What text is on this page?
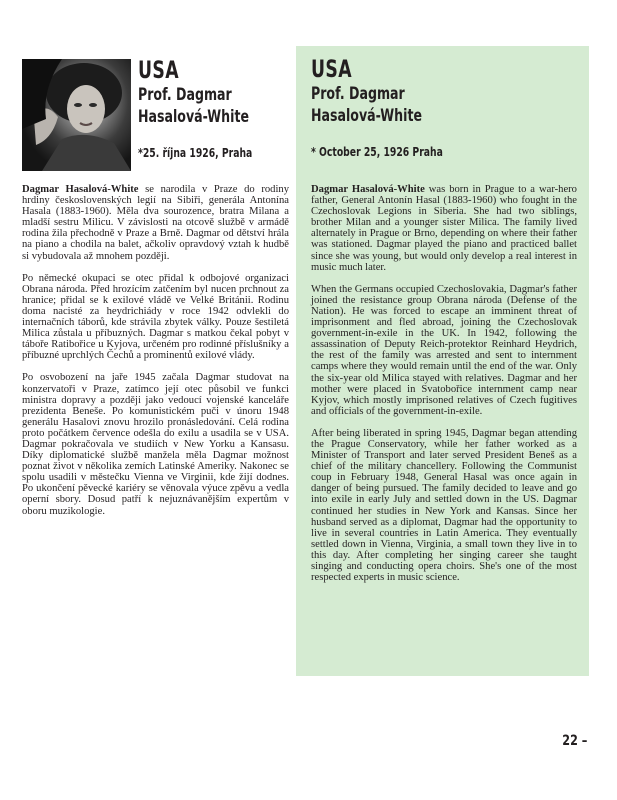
USA
Prof. Dagmar
Hasalová-White
*25. října 1926, Praha

Dagmar Hasalová-White se narodila v Praze do rodiny hrdiny československých legií na Sibiři, generála Antonína Hasala (1883-1960). Měla dva sourozence, bratra Milana a mladší sestru Milicu. V závislosti na otcově službě v armádě rodina žila přechodně v Praze a Brně. Dagmar od dětství hrála na piano a chodila na balet, ačkoliv opravdový vztah k hudbě si vybudovala až mnohem později.

Po německé okupaci se otec přidal k odbojové organizaci Obrana národa. Před hrozícím zatčením byl nucen prchnout za hranice; přidal se k exilové vládě ve Velké Británii. Rodinu doma nacisté za heydrichiády v roce 1942 odvlekli do internačních táborů, kde strávila zbytek války. Pouze šestiletá Milica zůstala u příbuzných. Dagmar s matkou čekal pobyt v táboře Ratibořice u Kyjova, určeném pro rodinné příslušníky a příbuzné uprchlých Čechů a prominentů exilové vlády.

Po osvobození na jaře 1945 začala Dagmar studovat na konzervatoři v Praze, zatímco její otec působil ve funkci ministra dopravy a později jako vedoucí vojenské kanceláře prezidenta Beneše. Po komunistickém puči v únoru 1948 generálu Hasalovi znovu hrozilo pronásledování. Celá rodina proto počátkem července odešla do exilu a usadila se v USA. Dagmar pokračovala ve studiích v New Yorku a Kansasu. Díky diplomatické službě manžela měla Dagmar možnost poznat život v několika zemích Latinské Ameriky. Nakonec se spolu usadili v městečku Vienna ve Virginii, kde žijí dodnes. Po ukončení pěvecké kariéry se věnovala výuce zpěvu a vedla operní sbory. Dosud patří k nejuznávanějším expertům v oboru muzikologie.

USA
Prof. Dagmar
Hasalová-White
* October 25, 1926 Praha

Dagmar Hasalová-White was born in Prague to a war-hero father, General Antonín Hasal (1883-1960) who fought in the Czechoslovak Legions in Siberia. She had two siblings, brother Milan and a younger sister Milica. The family lived alternately in Prague or Brno, depending on where their father was stationed. Dagmar played the piano and practiced ballet since she was young, but would only develop a real interest in music much later.

When the Germans occupied Czechoslovakia, Dagmar's father joined the resistance group Obrana národa (Defense of the Nation). He was forced to escape an imminent threat of imprisonment and fled abroad, joining the Czechoslovak government-in-exile in the UK. In 1942, following the assassination of Deputy Reich-protektor Reinhard Heydrich, the rest of the family was arrested and sent to internment camps where they would remain until the end of the war. Only the six-year old Milica stayed with relatives. Dagmar and her mother were placed in Svatobořice internment camp near Kyjov, which mostly imprisoned relatives of Czech fugitives and officials of the government-in-exile.

After being liberated in spring 1945, Dagmar began attending the Prague Conservatory, while her father worked as a Minister of Transport and later served President Beneš as a chief of the military chancellery. Following the Communist coup in February 1948, General Hasal was once again in danger of being pursued. The family decided to leave and go into exile in early July and settled down in the US. Dagmar continued her studies in New York and Kansas. Since her husband served as a diplomat, Dagmar had the opportunity to live in several countries in Latin America. They eventually settled down in Vienna, Virginia, a small town they live in to this day. After completing her singing career she taught singing and conducting opera choirs. She's one of the most respected experts in music science.

22 –
